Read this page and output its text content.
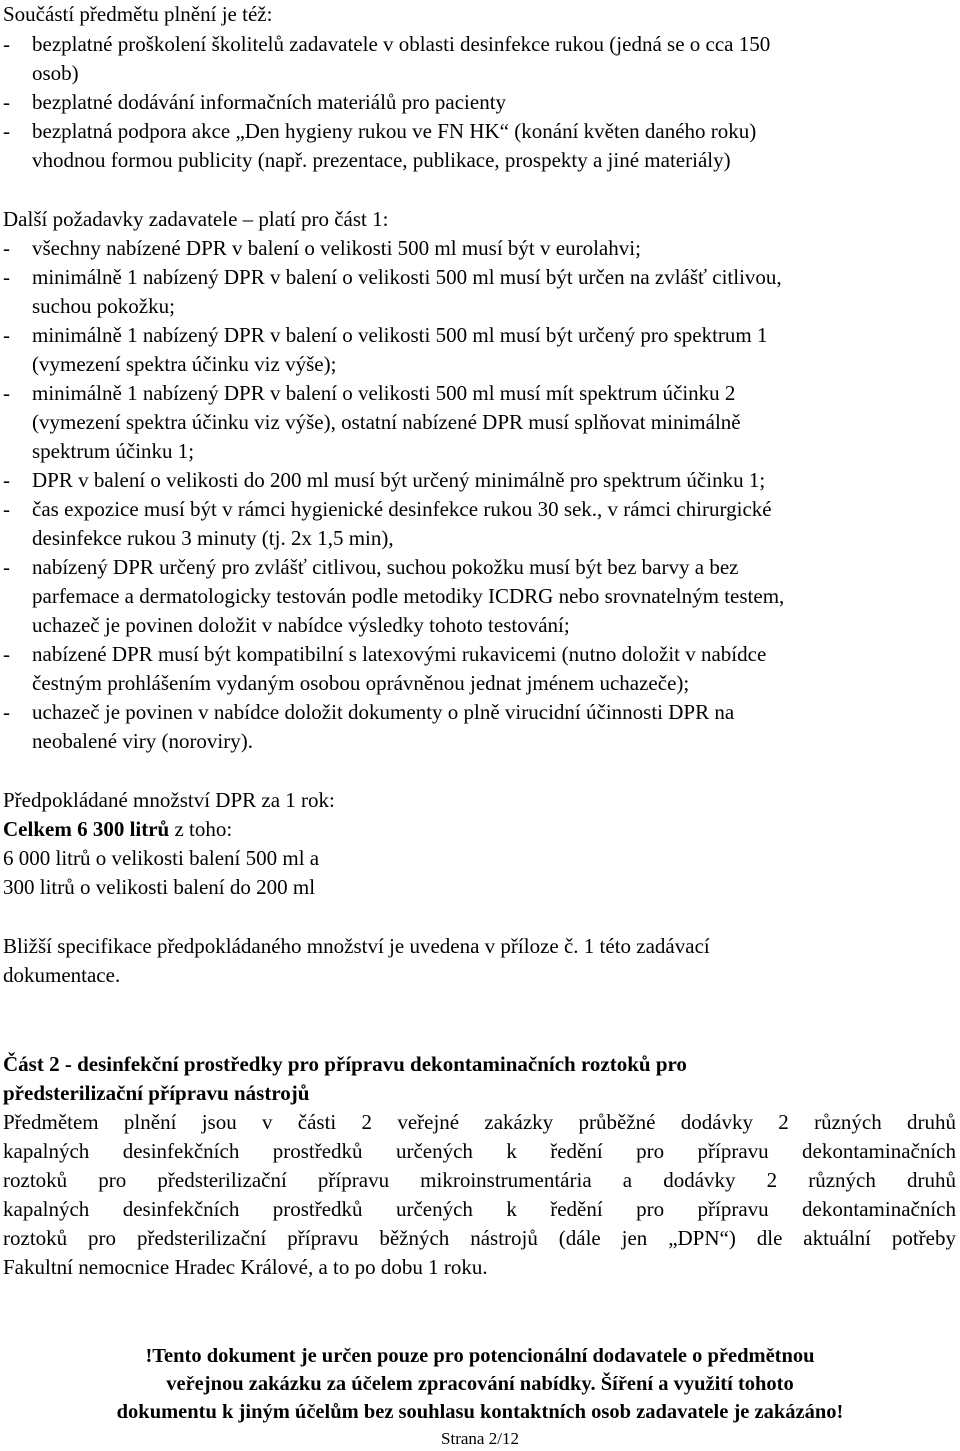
Součástí předmětu plnění je též:

- bezplatné proškolení školitelů zadavatele v oblasti desinfekce rukou (jedná se o cca 150

osob)

- bezplatné dodávání informačních materiálů pro pacienty

- bezplatná podpora akce „Den hygieny rukou ve FN HK“ (konání květen daného roku)

vhodnou formou publicity (např. prezentace, publikace, prospekty a jiné materiály)

Další požadavky zadavatele – platí pro část 1:

- všechny nabízené DPR v balení o velikosti 500 ml musí být v eurolahvi;

- minimálně 1 nabízený DPR v balení o velikosti 500 ml musí být určen na zvlášť citlivou,

suchou pokožku;

- minimálně 1 nabízený DPR v balení o velikosti 500 ml musí být určený pro spektrum 1

(vymezení spektra účinku viz výše);

- minimálně 1 nabízený DPR v balení o velikosti 500 ml musí mít spektrum účinku 2

(vymezení spektra účinku viz výše), ostatní nabízené DPR musí splňovat minimálně

spektrum účinku 1;

- DPR v balení o velikosti do 200 ml musí být určený minimálně pro spektrum účinku 1;

- čas expozice musí být v rámci hygienické desinfekce rukou 30 sek., v rámci chirurgické

desinfekce rukou 3 minuty (tj. 2x 1,5 min),

- nabízený DPR určený pro zvlášť citlivou, suchou pokožku musí být bez barvy a bez

parfemace a dermatologicky testován podle metodiky ICDRG nebo srovnatelným testem,

uchazeč je povinen doložit v nabídce výsledky tohoto testování;

- nabízené DPR musí být kompatibilní s latexovými rukavicemi (nutno doložit v nabídce

čestným prohlášením vydaným osobou oprávněnou jednat jménem uchazeče);

- uchazeč je povinen v nabídce doložit dokumenty o plně virucidní účinnosti DPR na

neobalené viry (noroviry).

Předpokládané množství DPR za 1 rok:

Celkem 6 300 litrů z toho:

6 000 litrů o velikosti balení 500 ml a

300 litrů o velikosti balení do 200 ml

Bližší specifikace předpokládaného množství je uvedena v příloze č. 1 této zadávací

dokumentace.

Část 2 - desinfekční prostředky pro přípravu dekontaminačních roztoků pro

předsterilizační přípravu nástrojů

Předmětem plnění jsou v části 2 veřejné zakázky průběžné dodávky 2 různých druhů

kapalných desinfekčních prostředků určených k ředění pro přípravu dekontaminačních

roztoků pro předsterilizační přípravu mikroinstrumentária a dodávky 2 různých druhů

kapalných desinfekčních prostředků určených k ředění pro přípravu dekontaminačních

roztoků pro předsterilizační přípravu běžných nástrojů (dále jen „DPN“) dle aktuální potřeby

Fakultní nemocnice Hradec Králové, a to po dobu 1 roku.

!Tento dokument je určen pouze pro potencionální dodavatele o předmětnou

veřejnou zakázku za účelem zpracování nabídky. Šíření a využití tohoto

dokumentu k jiným účelům bez souhlasu kontaktních osob zadavatele je zakázáno!

Strana 2/12
